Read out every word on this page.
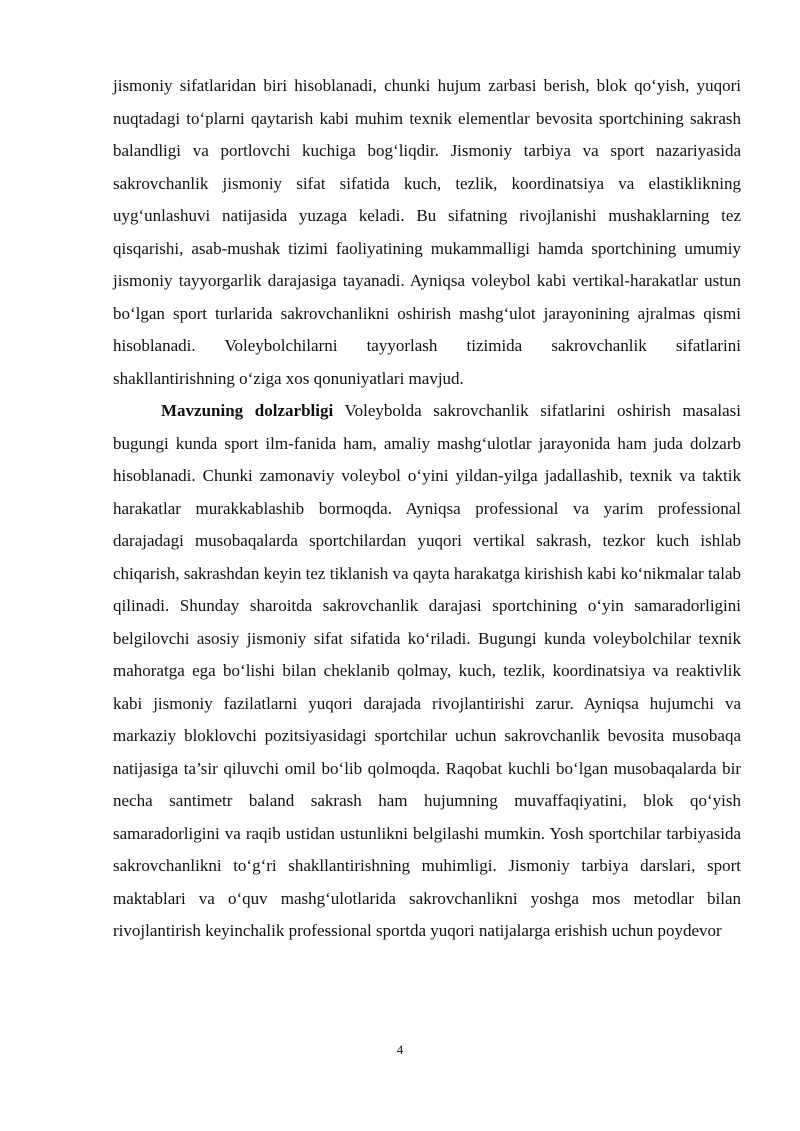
jismoniy sifatlaridan biri hisoblanadi, chunki hujum zarbasi berish, blok qo‘yish, yuqori nuqtadagi to‘plarni qaytarish kabi muhim texnik elementlar bevosita sportchining sakrash balandligi va portlovchi kuchiga bog‘liqdir. Jismoniy tarbiya va sport nazariyasida sakrovchanlik jismoniy sifat sifatida kuch, tezlik, koordinatsiya va elastiklikning uyg‘unlashuvi natijasida yuzaga keladi. Bu sifatning rivojlanishi mushaklarning tez qisqarishi, asab-mushak tizimi faoliyatining mukammalligi hamda sportchining umumiy jismoniy tayyorgarlik darajasiga tayanadi. Ayniqsa voleybol kabi vertikal-harakatlar ustun bo‘lgan sport turlarida sakrovchanlikni oshirish mashg‘ulot jarayonining ajralmas qismi hisoblanadi. Voleybolchilarni tayyorlash tizimida sakrovchanlik sifatlarini shakllantirishning o‘ziga xos qonuniyatlari mavjud.

Mavzuning dolzarbligi Voleybolda sakrovchanlik sifatlarini oshirish masalasi bugungi kunda sport ilm-fanida ham, amaliy mashg‘ulotlar jarayonida ham juda dolzarb hisoblanadi. Chunki zamonaviy voleybol o‘yini yildan-yilga jadallashib, texnik va taktik harakatlar murakkablashib bormoqda. Ayniqsa professional va yarim professional darajadagi musobaqalarda sportchilardan yuqori vertikal sakrash, tezkor kuch ishlab chiqarish, sakrashdan keyin tez tiklanish va qayta harakatga kirishish kabi ko‘nikmalar talab qilinadi. Shunday sharoitda sakrovchanlik darajasi sportchining o‘yin samaradorligini belgilovchi asosiy jismoniy sifat sifatida ko‘riladi. Bugungi kunda voleybolchilar texnik mahoratga ega bo‘lishi bilan cheklanib qolmay, kuch, tezlik, koordinatsiya va reaktivlik kabi jismoniy fazilatlarni yuqori darajada rivojlantirishi zarur. Ayniqsa hujumchi va markaziy bloklovchi pozitsiyasidagi sportchilar uchun sakrovchanlik bevosita musobaqa natijasiga ta’sir qiluvchi omil bo‘lib qolmoqda. Raqobat kuchli bo‘lgan musobaqalarda bir necha santimetr baland sakrash ham hujumning muvaffaqiyatini, blok qo‘yish samaradorligini va raqib ustidan ustunlikni belgilashi mumkin. Yosh sportchilar tarbiyasida sakrovchanlikni to‘g‘ri shakllantirishning muhimligi. Jismoniy tarbiya darslari, sport maktablari va o‘quv mashg‘ulotlarida sakrovchanlikni yoshga mos metodlar bilan rivojlantirish keyinchalik professional sportda yuqori natijalarga erishish uchun poydevor

4
